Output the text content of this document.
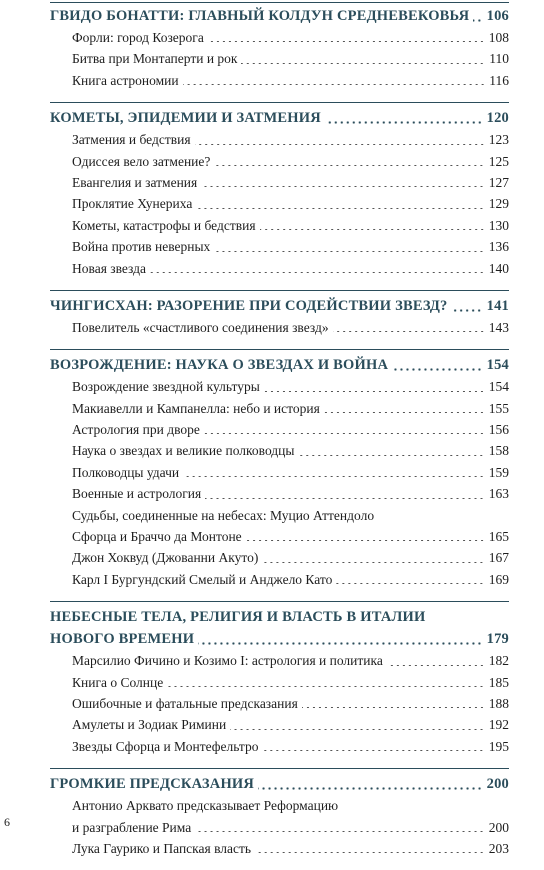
ГВИДО БОНАТТИ: ГЛАВНЫЙ КОЛДУН СРЕДНЕВЕКОВЬЯ 106
Форли: город Козерога	108
Битва при Монтаперти и рок	110
Книга астрономии	116
КОМЕТЫ, ЭПИДЕМИИ И ЗАТМЕНИЯ	120
Затмения и бедствия	123
Одиссея вело затмение?	125
Евангелия и затмения	127
Проклятие Хунериха	129
Кометы, катастрофы и бедствия	130
Война против неверных	136
Новая звезда	140
ЧИНГИСХАН: РАЗОРЕНИЕ ПРИ СОДЕЙСТВИИ ЗВЕЗД?	141
Повелитель «счастливого соединения звезд»	143
ВОЗРОЖДЕНИЕ: НАУКА О ЗВЕЗДАХ И ВОЙНА	154
Возрождение звездной культуры	154
Макиавелли и Кампанелла: небо и история	155
Астрология при дворе	156
Наука о звездах и великие полководцы	158
Полководцы удачи	159
Военные и астрология	163
Судьбы, соединенные на небесах: Муцио Аттендоло
Сфорца и Браччо да Монтоне	165
Джон Хоквуд (Джованни Акуто)	167
Карл I Бургундский Смелый и Анджело Като	169
НЕБЕСНЫЕ ТЕЛА, РЕЛИГИЯ И ВЛАСТЬ В ИТАЛИИ
НОВОГО ВРЕМЕНИ	179
Марсилио Фичино и Козимо I: астрология и политика	182
Книга о Солнце	185
Ошибочные и фатальные предсказания	188
Амулеты и Зодиак Римини	192
Звезды Сфорца и Монтефельтро	195
ГРОМКИЕ ПРЕДСКАЗАНИЯ	200
Антонио Арквато предсказывает Реформацию
и разграбление Рима	200
Лука Гаурико и Папская власть	203
6
